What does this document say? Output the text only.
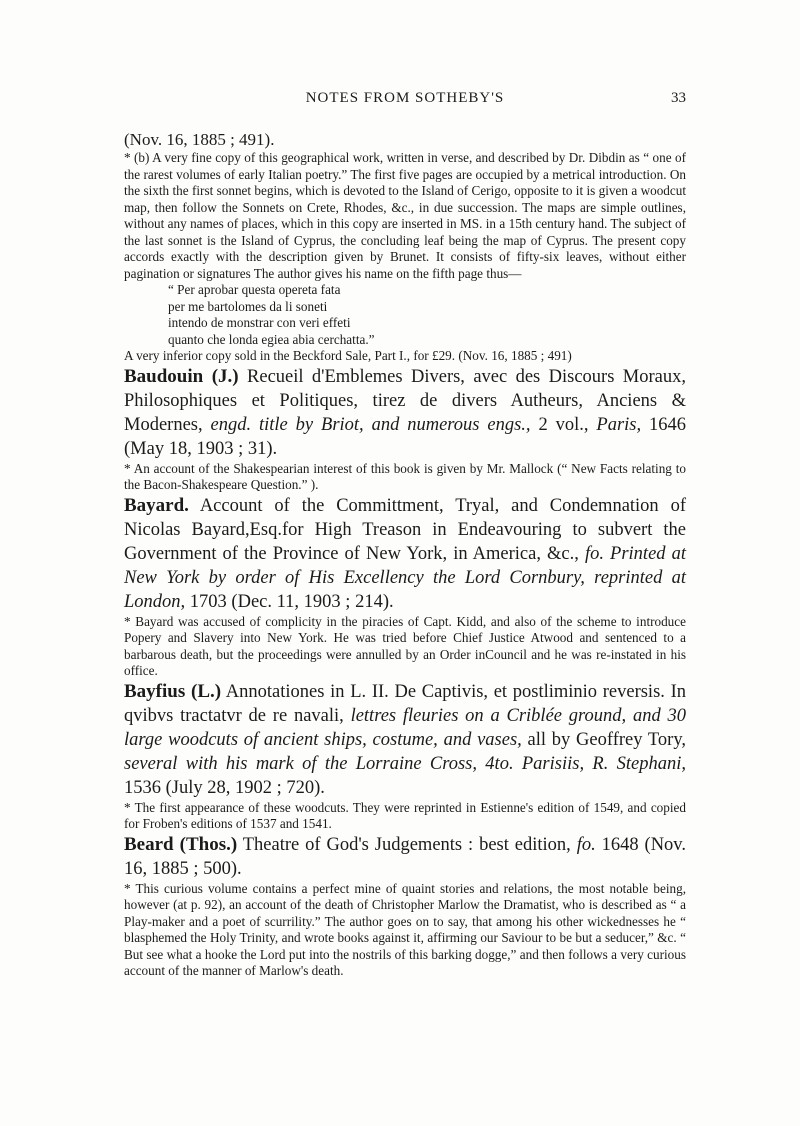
NOTES FROM SOTHEBY'S	33
(Nov. 16, 1885 ; 491).

* (b) A very fine copy of this geographical work, written in verse, and described by Dr. Dibdin as “ one of the rarest volumes of early Italian poetry.” The first five pages are occupied by a metrical introduction. On the sixth the first sonnet begins, which is devoted to the Island of Cerigo, opposite to it is given a woodcut map, then follow the Sonnets on Crete, Rhodes, &c., in due succession. The maps are simple outlines, without any names of places, which in this copy are inserted in MS. in a 15th century hand. The subject of the last sonnet is the Island of Cyprus, the concluding leaf being the map of Cyprus. The present copy accords exactly with the description given by Brunet. It consists of fifty-six leaves, without either pagination or signatures The author gives his name on the fifth page thus—

“ Per aprobar questa opereta fata
per me bartolomes da li soneti
intendo de monstrar con veri effeti
quanto che londa egiea abia cerchatta.”

A very inferior copy sold in the Beckford Sale, Part I., for £29. (Nov. 16, 1885 ; 491)

Baudouin (J.) Recueil d'Emblemes Divers, avec des Discours Moraux, Philosophiques et Politiques, tirez de divers Autheurs, Anciens & Modernes, engd. title by Briot, and numerous engs., 2 vol., Paris, 1646 (May 18, 1903 ; 31).

* An account of the Shakespearian interest of this book is given by Mr. Mallock (“ New Facts relating to the Bacon-Shakespeare Question.” ).

Bayard. Account of the Committment, Tryal, and Condemnation of Nicolas Bayard,Esq.for High Treason in Endeavouring to subvert the Government of the Province of New York, in America, &c., fo. Printed at New York by order of His Excellency the Lord Cornbury, reprinted at London, 1703 (Dec. 11, 1903 ; 214).

* Bayard was accused of complicity in the piracies of Capt. Kidd, and also of the scheme to introduce Popery and Slavery into New York. He was tried before Chief Justice Atwood and sentenced to a barbarous death, but the proceedings were annulled by an Order inCouncil and he was re-instated in his office.

Bayfius (L.) Annotationes in L. II. De Captivis, et postliminio reversis. In qvibvs tractatvr de re navali, lettres fleuries on a Criblée ground, and 30 large woodcuts of ancient ships, costume, and vases, all by Geoffrey Tory, several with his mark of the Lorraine Cross, 4to. Parisiis, R. Stephani, 1536 (July 28, 1902 ; 720).

* The first appearance of these woodcuts. They were reprinted in Estienne's edition of 1549, and copied for Froben's editions of 1537 and 1541.

Beard (Thos.) Theatre of God's Judgements : best edition, fo. 1648 (Nov. 16, 1885 ; 500).

* This curious volume contains a perfect mine of quaint stories and relations, the most notable being, however (at p. 92), an account of the death of Christopher Marlow the Dramatist, who is described as “ a Play-maker and a poet of scurrility.” The author goes on to say, that among his other wickednesses he “ blasphemed the Holy Trinity, and wrote books against it, affirming our Saviour to be but a seducer,” &c. “ But see what a hooke the Lord put into the nostrils of this barking dogge,” and then follows a very curious account of the manner of Marlow's death.
